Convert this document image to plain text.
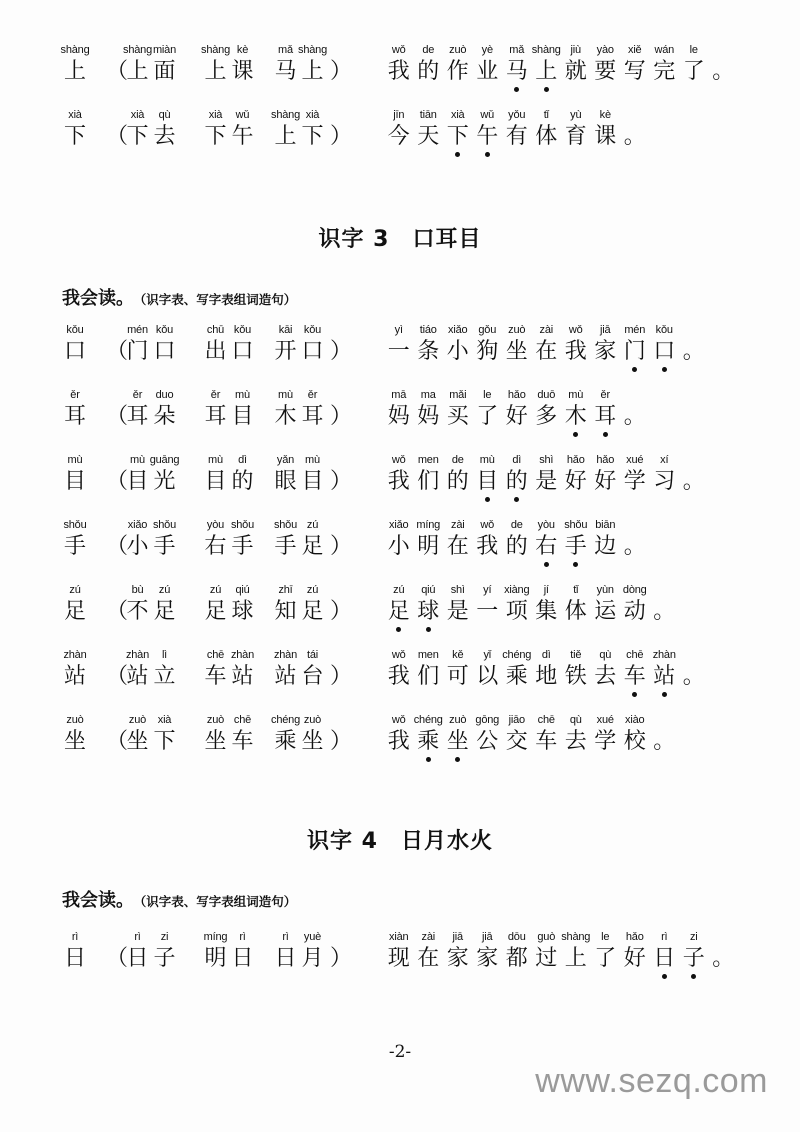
shàng
上 （
shàng
上
miàn
面
shàng
上
kè
课
mǎ
马
shàng
上 ）
wǒ
我
de
的
zuò
作
yè
业
mǎ
马
shàng
上
jiù
就
yào
要
xiě
写
wán
完
le
了 。
xià
下 （
xià
下
qù
去
xià
下
wǔ
午
shàng
上
xià
下 ）
jīn
今
tiān
天
xià
下
wǔ
午
yǒu
有
tǐ
体
yù
育
kè
课 。
识字 3　口耳目
我会读。 （识字表、写字表组词造句）
kǒu
口 （
mén
门
kǒu
口
chū
出
kǒu
口
kāi
开
kǒu
口 ）
yì
一
tiáo
条
xiǎo
小
gǒu
狗
zuò
坐
zài
在
wǒ
我
jiā
家
mén
门
kǒu
口 。
ěr
耳 （
ěr
耳
duo
朵
ěr
耳
mù
目
mù
木
ěr
耳 ）
mā
妈
ma
妈
mǎi
买
le
了
hǎo
好
duō
多
mù
木
ěr
耳 。
mù
目 （
mù
目
guāng
光
mù
目
dì
的
yǎn
眼
mù
目 ）
wǒ
我
men
们
de
的
mù
目
dì
的
shì
是
hǎo
好
hǎo
好
xué
学
xí
习 。
shǒu
手 （
xiǎo
小
shǒu
手
yòu
右
shǒu
手
shǒu
手
zú
足 ）
xiǎo
小
míng
明
zài
在
wǒ
我
de
的
yòu
右
shǒu
手
biān
边 。
zú
足 （
bù
不
zú
足
zú
足
qiú
球
zhī
知
zú
足 ）
zú
足
qiú
球
shì
是
yí
一
xiàng
项
jí
集
tǐ
体
yùn
运
dòng
动 。
zhàn
站 （
zhàn
站
lì
立
chē
车
zhàn
站
zhàn
站
tái
台 ）
wǒ
我
men
们
kě
可
yǐ
以
chéng
乘
dì
地
tiě
铁
qù
去
chē
车
zhàn
站 。
zuò
坐 （
zuò
坐
xià
下
zuò
坐
chē
车
chéng
乘
zuò
坐 ）
wǒ
我
chéng
乘
zuò
坐
gōng
公
jiāo
交
chē
车
qù
去
xué
学
xiào
校 。
识字 4　日月水火
我会读。 （识字表、写字表组词造句）
rì
日 （
rì
日
zi
子
míng
明
rì
日
rì
日
yuè
月 ）
xiàn
现
zài
在
jiā
家
jiā
家
dōu
都
guò
过
shàng
上
le
了
hǎo
好
rì
日
zi
子 。
-2-
www.sezq.com
